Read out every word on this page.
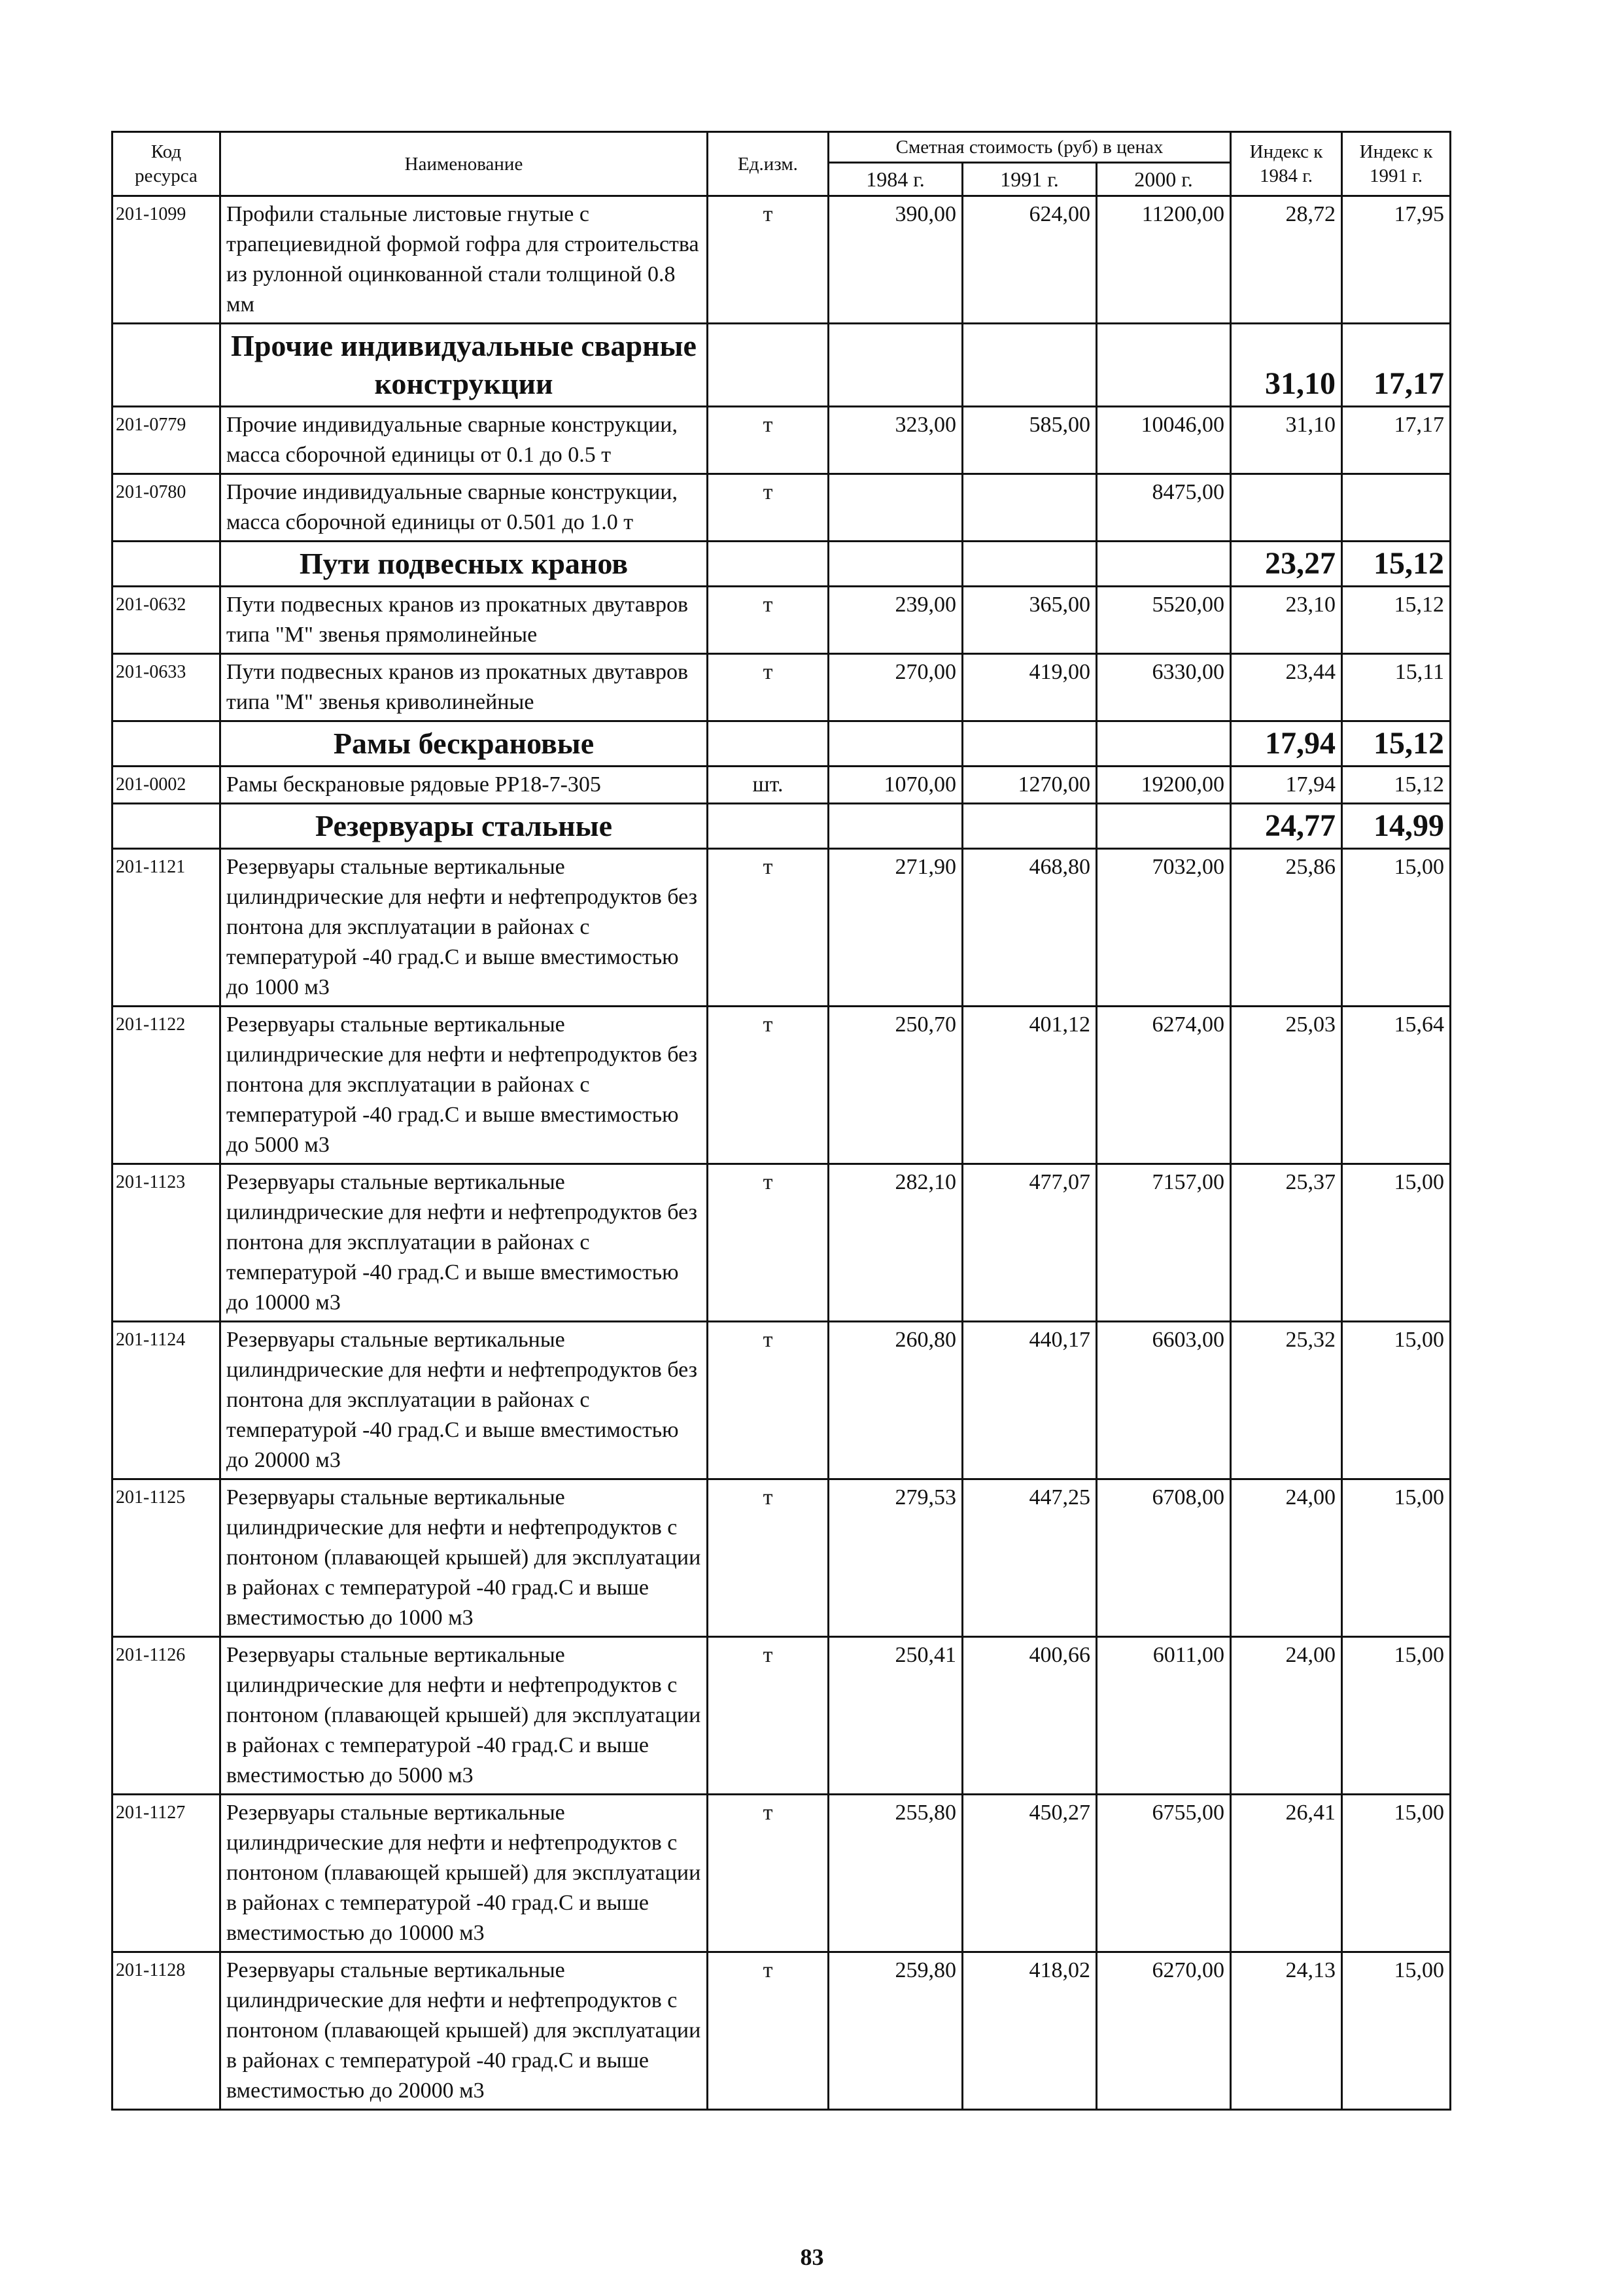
Код ресурса	Наименование	Ед.изм.	Сметная стоимость (руб) в ценах			Индекс к 1984 г.	Индекс к 1991 г.
			1984 г.	1991 г.	2000 г.		
201-1099	Профили стальные листовые гнутые с трапециевидной формой гофра для строительства из рулонной оцинкованной стали толщиной 0.8 мм	т	390,00	624,00	11200,00	28,72	17,95
	Прочие индивидуальные сварные конструкции					31,10	17,17
201-0779	Прочие индивидуальные сварные конструкции, масса сборочной единицы от 0.1 до 0.5 т	т	323,00	585,00	10046,00	31,10	17,17
201-0780	Прочие индивидуальные сварные конструкции, масса сборочной единицы от 0.501 до 1.0 т	т			8475,00		
	Пути подвесных кранов					23,27	15,12
201-0632	Пути подвесных кранов из прокатных двутавров типа "М" звенья прямолинейные	т	239,00	365,00	5520,00	23,10	15,12
201-0633	Пути подвесных кранов из прокатных двутавров типа "М" звенья криволинейные	т	270,00	419,00	6330,00	23,44	15,11
	Рамы бескрановые					17,94	15,12
201-0002	Рамы бескрановые рядовые РР18-7-305	шт.	1070,00	1270,00	19200,00	17,94	15,12
	Резервуары стальные					24,77	14,99
201-1121	Резервуары стальные вертикальные цилиндрические для нефти и нефтепродуктов без понтона для эксплуатации в районах с температурой -40 град.С и выше вместимостью до 1000 м3	т	271,90	468,80	7032,00	25,86	15,00
201-1122	Резервуары стальные вертикальные цилиндрические для нефти и нефтепродуктов без понтона для эксплуатации в районах с температурой -40 град.С и выше вместимостью до 5000 м3	т	250,70	401,12	6274,00	25,03	15,64
201-1123	Резервуары стальные вертикальные цилиндрические для нефти и нефтепродуктов без понтона для эксплуатации в районах с температурой -40 град.С и выше вместимостью до 10000 м3	т	282,10	477,07	7157,00	25,37	15,00
201-1124	Резервуары стальные вертикальные цилиндрические для нефти и нефтепродуктов без понтона для эксплуатации в районах с температурой -40 град.С и выше вместимостью до 20000 м3	т	260,80	440,17	6603,00	25,32	15,00
201-1125	Резервуары стальные вертикальные цилиндрические для нефти и нефтепродуктов с понтоном (плавающей крышей) для эксплуатации в районах с температурой -40 град.С и выше вместимостью до 1000 м3	т	279,53	447,25	6708,00	24,00	15,00
201-1126	Резервуары стальные вертикальные цилиндрические для нефти и нефтепродуктов с понтоном (плавающей крышей) для эксплуатации в районах с температурой -40 град.С и выше вместимостью до 5000 м3	т	250,41	400,66	6011,00	24,00	15,00
201-1127	Резервуары стальные вертикальные цилиндрические для нефти и нефтепродуктов с понтоном (плавающей крышей) для эксплуатации в районах с температурой -40 град.С и выше вместимостью до 10000 м3	т	255,80	450,27	6755,00	26,41	15,00
201-1128	Резервуары стальные вертикальные цилиндрические для нефти и нефтепродуктов с понтоном (плавающей крышей) для эксплуатации в районах с температурой -40 град.С и выше вместимостью до 20000 м3	т	259,80	418,02	6270,00	24,13	15,00
83
